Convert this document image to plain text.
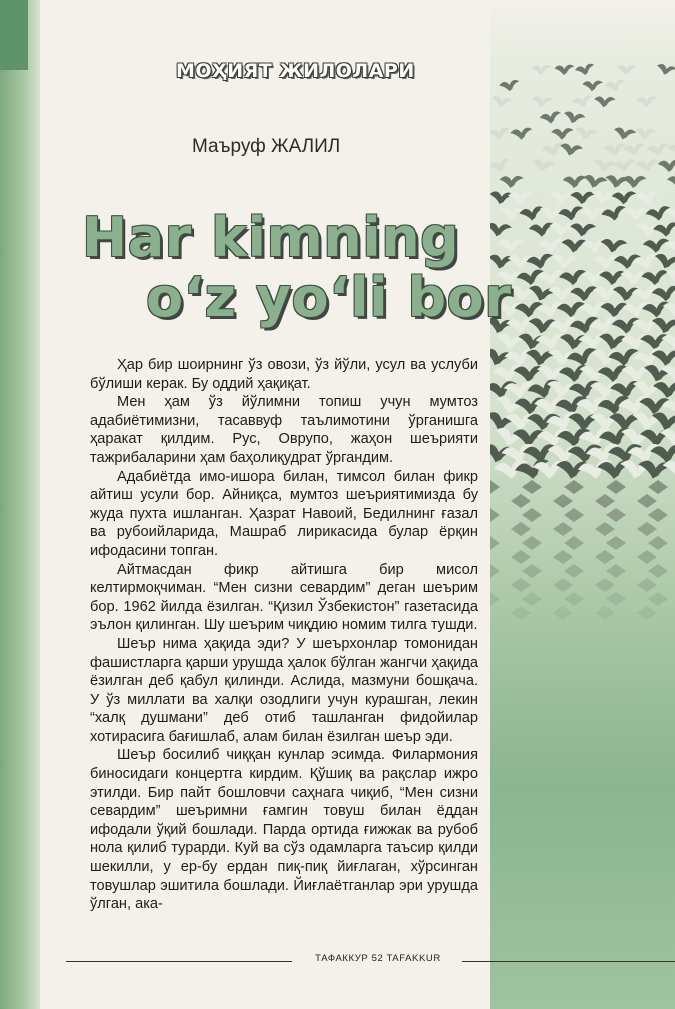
МОҲИЯТ ЖИЛОЛАРИ
Маъруф ЖАЛИЛ
Har kimning
o‘z yo‘li bor

Ҳар бир шоирнинг ўз овози, ўз йўли, усул ва услуби бўлиши керак. Бу оддий ҳақиқат.

Мен ҳам ўз йўлимни топиш учун мумтоз адабиётимизни, тасаввуф таълимотини ўрганишга ҳаракат қилдим. Рус, Оврупо, жаҳон шеърияти тажрибаларини ҳам баҳолиқудрат ўргандим.

Адабиётда имо-ишора билан, тимсол билан фикр айтиш усули бор. Айниқса, мумтоз шеъриятимизда бу жуда пухта ишланган. Ҳазрат Навоий, Бедилнинг ғазал ва рубоийларида, Машраб лирикасида булар ёрқин ифодасини топган.

Айтмасдан фикр айтишга бир мисол келтирмоқчиман. “Мен сизни севардим” деган шеърим бор. 1962 йилда ёзилган. “Қизил Ўзбекистон” газетасида эълон қилинган. Шу шеърим чиқдию номим тилга тушди.

Шеър нима ҳақида эди? У шеърхонлар томонидан фашистларга қарши урушда ҳалок бўлган жангчи ҳақида ёзилган деб қабул қилинди. Аслида, мазмуни бошқача. У ўз миллати ва халқи озодлиги учун курашган, лекин “халқ душмани” деб отиб ташланган фидойилар хотирасига бағишлаб, алам билан ёзилган шеър эди.

Шеър босилиб чиққан кунлар эсимда. Филармония биносидаги концертга кирдим. Қўшиқ ва рақслар ижро этилди. Бир пайт бошловчи саҳнага чиқиб, “Мен сизни севардим” шеъримни ғамгин товуш билан ёддан ифодали ўқий бошлади. Парда ортида ғижжак ва рубоб нола қилиб турарди. Куй ва сўз одамларга таъсир қилди шекилли, у ер-бу ердан пиқ-пиқ йиғлаган, хўрсинган товушлар эшитила бошлади. Йиғлаётганлар эри урушда ўлган, ака-

ТАФАККУР 52 TAFAKKUR
